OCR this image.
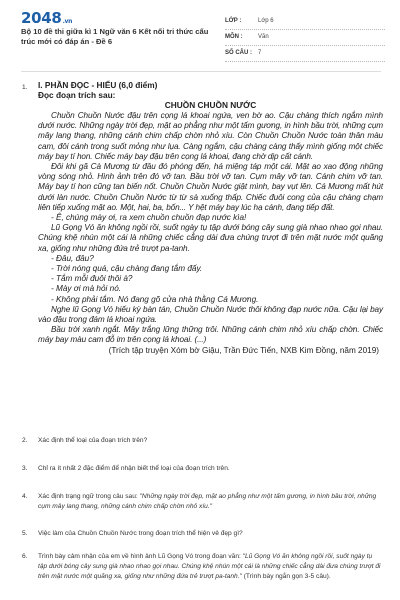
2048.vn
Bộ 10 đề thi giữa kì 1 Ngữ văn 6 Kết nối tri thức cấu trúc mới có đáp án - Đề 6
LỚP :	Lớp 6
MÔN :	Văn
SỐ CÂU : 7
1. I. PHẦN ĐỌC - HIỂU (6,0 điểm)
Đọc đoạn trích sau:
CHUỒN CHUỒN NƯỚC
Chuồn Chuồn Nước đậu trên cọng lá khoai ngứa, ven bờ ao. Cậu chàng thích ngắm mình dưới nước. Những ngày trời đẹp, mặt ao phẳng như một tấm gương, in hình bầu trời, những cụm mây lang thang, những cánh chim chấp chờn nhỏ xíu. Còn Chuồn Chuồn Nước toàn thân màu cam, đôi cánh trong suốt mỏng như lụa. Càng ngắm, cậu chàng càng thấy mình giống một chiếc máy bay tí hon. Chiếc máy bay đậu trên cọng lá khoai, đang chờ dịp cất cánh.
Đôi khi gã Cà Mương từ đâu đó phóng đến, há miệng táp một cái. Mặt ao xao động những vòng sóng nhỏ. Hình ảnh trên đó vỡ tan. Bầu trời vỡ tan. Cụm mây vỡ tan. Cánh chim vỡ tan. Máy bay tí hon cũng tan biến nốt. Chuồn Chuồn Nước giật mình, bay vụt lên. Cá Mương mất hút dưới làn nước. Chuồn Chuồn Nước từ từ sà xuống thấp. Chiếc đuôi cong của cậu chàng chạm liên tiếp xuống mặt ao. Một, hai, ba, bốn... Y hệt máy bay lúc hạ cánh, đang tiếp đất.
- Ê, chúng mày ơi, ra xem chuồn chuồn đạp nước kìa!
Lũ Gọng Vó ăn không ngồi rồi, suốt ngày tụ tập dưới bóng cây sung già nhao nhao gọi nhau. Chúng khệ nhún một cái là những chiếc cẳng dài đưa chúng trượt đi trên mặt nước một quãng xa, giống như những đứa trẻ trượt pa-tanh.
- Đâu, đâu?
- Trời nóng quá, cậu chàng đang tắm đấy.
- Tắm mỗi đuôi thôi à?
- Mày ơi mà hỏi nó.
- Không phải tắm. Nó đang gõ cửa nhà thằng Cá Mương.
Nghe lũ Gọng Vó hiếu kỳ bàn tán, Chuồn Chuồn Nước thôi không đạp nước nữa. Cậu lại bay vào đậu trong đám lá khoai ngứa.
Bầu trời xanh ngắt. Mây trắng lững thững trôi. Những cánh chim nhỏ xíu chấp chờn. Chiếc máy bay màu cam đỗ im trên cọng lá khoai. (...)
(Trích tập truyện Xóm bờ Giậu, Trần Đức Tiến, NXB Kim Đồng, năm 2019)
2. Xác định thể loại của đoạn trích trên?
3. Chỉ ra ít nhất 2 đặc điểm để nhận biết thể loại của đoạn trích trên.
4. Xác định trạng ngữ trong câu sau: "Những ngày trời đẹp, mặt ao phẳng như một tấm gương, in hình bầu trời, những cụm mây lang thang, những cánh chim chấp chờn nhỏ xíu."
5. Việc làm của Chuồn Chuồn Nước trong đoạn trích thể hiện vẻ đẹp gì?
6. Trình bày cảm nhận của em về hình ảnh Lũ Gọng Vó trong đoạn văn: "Lũ Gọng Vó ăn không ngồi rồi, suốt ngày tụ tập dưới bóng cây sung già nhao nhao gọi nhau. Chúng khệ nhún một cái là những chiếc cẳng dài đưa chúng trượt đi trên mặt nước một quãng xa, giống như những đứa trẻ trượt pa-tanh." (Trình bày ngắn gọn 3-5 câu).
